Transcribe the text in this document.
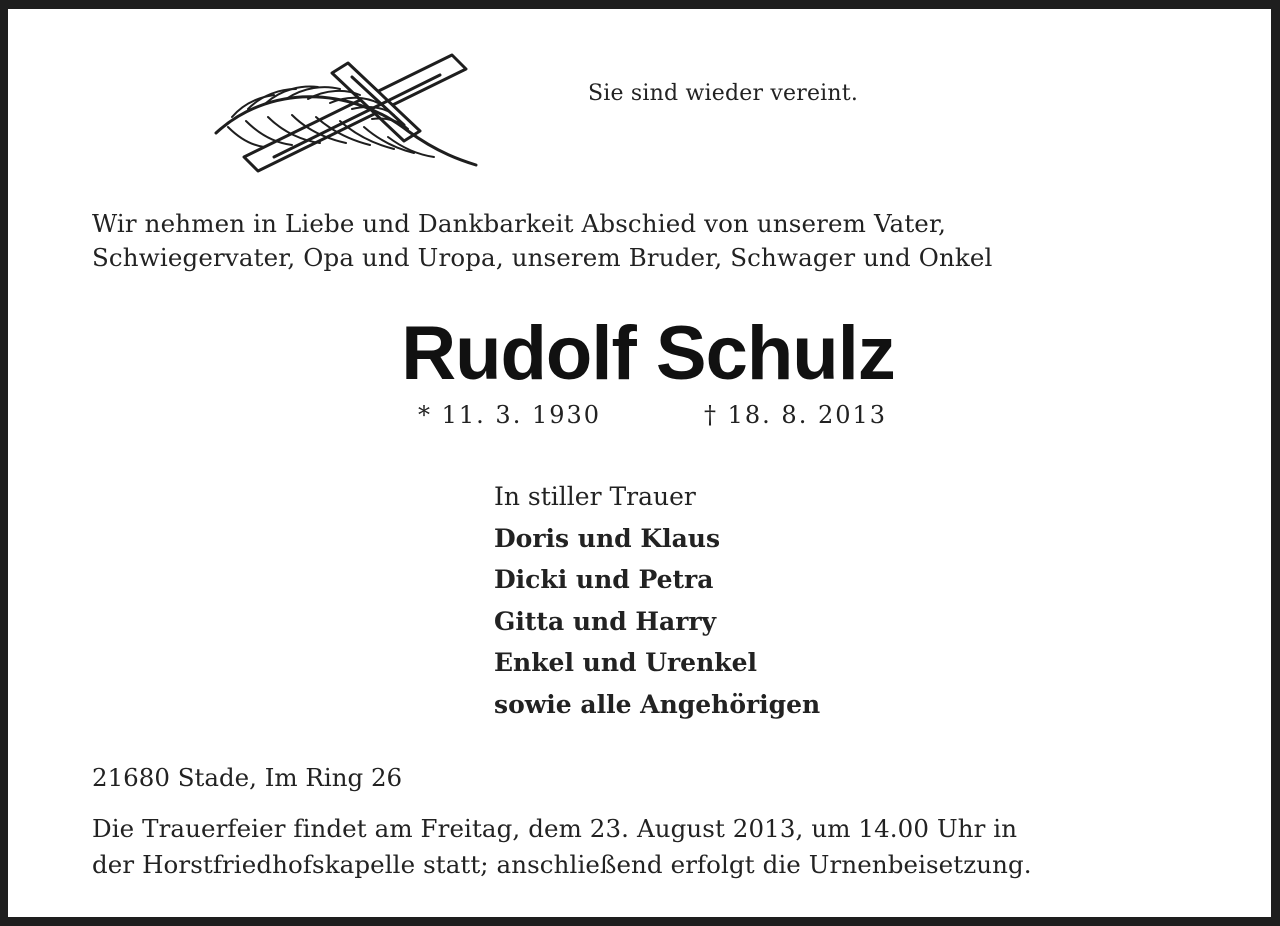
Sie sind wieder vereint.
Wir nehmen in Liebe und Dankbarkeit Abschied von unserem Vater,
Schwiegervater, Opa und Uropa, unserem Bruder, Schwager und Onkel
Rudolf Schulz
* 11. 3. 1930	† 18. 8. 2013
In stiller Trauer
Doris und Klaus
Dicki und Petra
Gitta und Harry
Enkel und Urenkel
sowie alle Angehörigen
21680 Stade, Im Ring 26
Die Trauerfeier findet am Freitag, dem 23. August 2013, um 14.00 Uhr in
der Horstfriedhofskapelle statt; anschließend erfolgt die Urnenbeisetzung.
